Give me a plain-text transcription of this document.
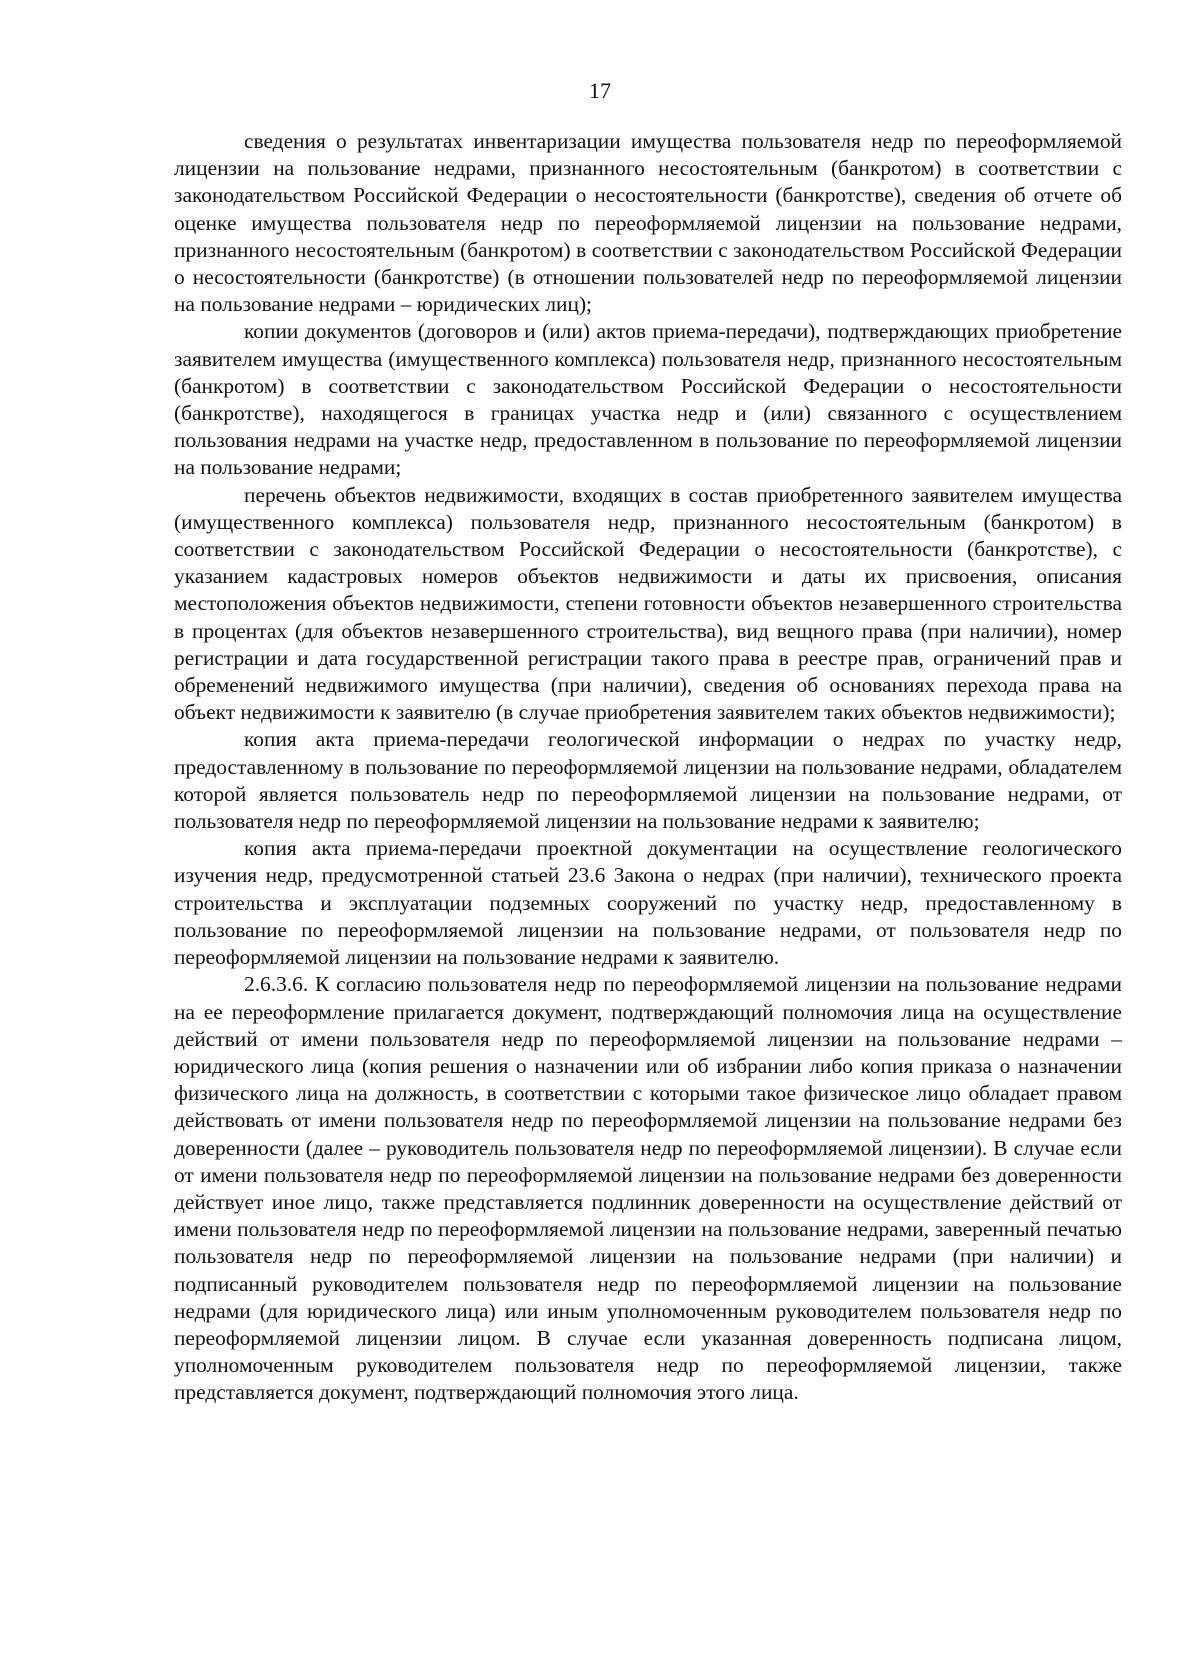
17

сведения о результатах инвентаризации имущества пользователя недр по переоформляемой лицензии на пользование недрами, признанного несостоятельным (банкротом) в соответствии с законодательством Российской Федерации о несостоятельности (банкротстве), сведения об отчете об оценке имущества пользователя недр по переоформляемой лицензии на пользование недрами, признанного несостоятельным (банкротом) в соответствии с законодательством Российской Федерации о несостоятельности (банкротстве) (в отношении пользователей недр по переоформляемой лицензии на пользование недрами – юридических лиц);

копии документов (договоров и (или) актов приема-передачи), подтверждающих приобретение заявителем имущества (имущественного комплекса) пользователя недр, признанного несостоятельным (банкротом) в соответствии с законодательством Российской Федерации о несостоятельности (банкротстве), находящегося в границах участка недр и (или) связанного с осуществлением пользования недрами на участке недр, предоставленном в пользование по переоформляемой лицензии на пользование недрами;

перечень объектов недвижимости, входящих в состав приобретенного заявителем имущества (имущественного комплекса) пользователя недр, признанного несостоятельным (банкротом) в соответствии с законодательством Российской Федерации о несостоятельности (банкротстве), с указанием кадастровых номеров объектов недвижимости и даты их присвоения, описания местоположения объектов недвижимости, степени готовности объектов незавершенного строительства в процентах (для объектов незавершенного строительства), вид вещного права (при наличии), номер регистрации и дата государственной регистрации такого права в реестре прав, ограничений прав и обременений недвижимого имущества (при наличии), сведения об основаниях перехода права на объект недвижимости к заявителю (в случае приобретения заявителем таких объектов недвижимости);

копия акта приема-передачи геологической информации о недрах по участку недр, предоставленному в пользование по переоформляемой лицензии на пользование недрами, обладателем которой является пользователь недр по переоформляемой лицензии на пользование недрами, от пользователя недр по переоформляемой лицензии на пользование недрами к заявителю;

копия акта приема-передачи проектной документации на осуществление геологического изучения недр, предусмотренной статьей 23.6 Закона о недрах (при наличии), технического проекта строительства и эксплуатации подземных сооружений по участку недр, предоставленному в пользование по переоформляемой лицензии на пользование недрами, от пользователя недр по переоформляемой лицензии на пользование недрами к заявителю.

2.6.3.6. К согласию пользователя недр по переоформляемой лицензии на пользование недрами на ее переоформление прилагается документ, подтверждающий полномочия лица на осуществление действий от имени пользователя недр по переоформляемой лицензии на пользование недрами – юридического лица (копия решения о назначении или об избрании либо копия приказа о назначении физического лица на должность, в соответствии с которыми такое физическое лицо обладает правом действовать от имени пользователя недр по переоформляемой лицензии на пользование недрами без доверенности (далее – руководитель пользователя недр по переоформляемой лицензии). В случае если от имени пользователя недр по переоформляемой лицензии на пользование недрами без доверенности действует иное лицо, также представляется подлинник доверенности на осуществление действий от имени пользователя недр по переоформляемой лицензии на пользование недрами, заверенный печатью пользователя недр по переоформляемой лицензии на пользование недрами (при наличии) и подписанный руководителем пользователя недр по переоформляемой лицензии на пользование недрами (для юридического лица) или иным уполномоченным руководителем пользователя недр по переоформляемой лицензии лицом. В случае если указанная доверенность подписана лицом, уполномоченным руководителем пользователя недр по переоформляемой лицензии, также представляется документ, подтверждающий полномочия этого лица.
